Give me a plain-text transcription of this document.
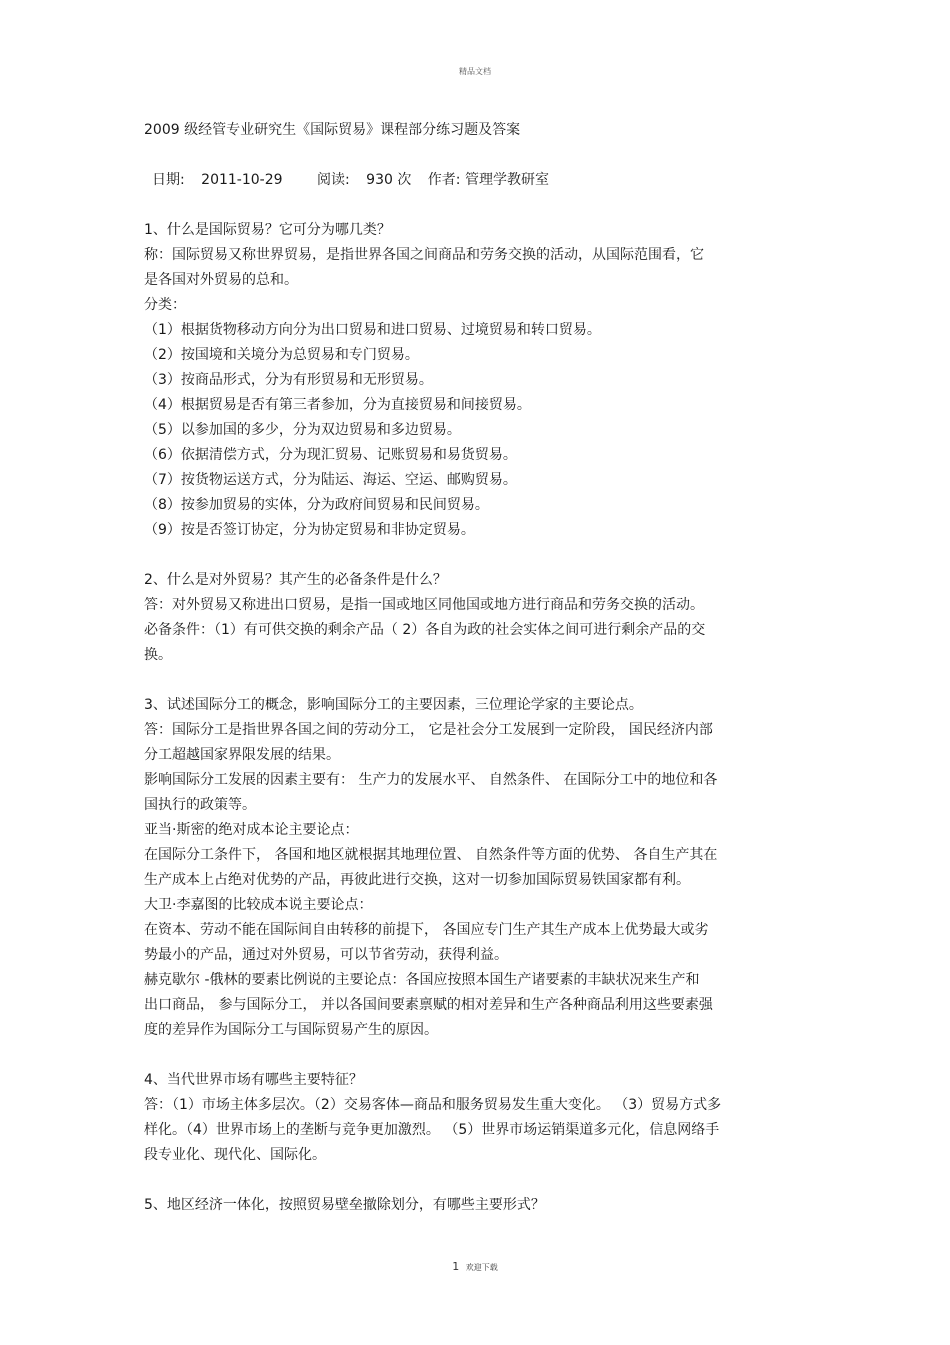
精品文档
2009 级经管专业研究生《国际贸易》课程部分练习题及答案
日期: 2011-10-29 阅读: 930 次 作者: 管理学教研室
1、什么是国际贸易？它可分为哪几类？
称：国际贸易又称世界贸易，是指世界各国之间商品和劳务交换的活动，从国际范围看，它
是各国对外贸易的总和。
分类：
（1）根据货物移动方向分为出口贸易和进口贸易、过境贸易和转口贸易。
（2）按国境和关境分为总贸易和专门贸易。
（3）按商品形式，分为有形贸易和无形贸易。
（4）根据贸易是否有第三者参加，分为直接贸易和间接贸易。
（5）以参加国的多少，分为双边贸易和多边贸易。
（6）依据清偿方式，分为现汇贸易、记账贸易和易货贸易。
（7）按货物运送方式，分为陆运、海运、空运、邮购贸易。
（8）按参加贸易的实体，分为政府间贸易和民间贸易。
（9）按是否签订协定，分为协定贸易和非协定贸易。
2、什么是对外贸易？其产生的必备条件是什么？
答：对外贸易又称进出口贸易，是指一国或地区同他国或地方进行商品和劳务交换的活动。
必备条件：（1）有可供交换的剩余产品（ 2）各自为政的社会实体之间可进行剩余产品的交
换。
3、试述国际分工的概念，影响国际分工的主要因素，三位理论学家的主要论点。
答：国际分工是指世界各国之间的劳动分工， 它是社会分工发展到一定阶段， 国民经济内部
分工超越国家界限发展的结果。
影响国际分工发展的因素主要有： 生产力的发展水平、 自然条件、 在国际分工中的地位和各
国执行的政策等。
亚当·斯密的绝对成本论主要论点：
在国际分工条件下， 各国和地区就根据其地理位置、 自然条件等方面的优势、 各自生产其在
生产成本上占绝对优势的产品，再彼此进行交换，这对一切参加国际贸易铁国家都有利。
大卫·李嘉图的比较成本说主要论点：
在资本、劳动不能在国际间自由转移的前提下， 各国应专门生产其生产成本上优势最大或劣
势最小的产品，通过对外贸易，可以节省劳动，获得利益。
赫克歇尔 -俄林的要素比例说的主要论点：各国应按照本国生产诸要素的丰缺状况来生产和
出口商品， 参与国际分工， 并以各国间要素禀赋的相对差异和生产各种商品利用这些要素强
度的差异作为国际分工与国际贸易产生的原因。
4、当代世界市场有哪些主要特征？
答：（1）市场主体多层次。（2）交易客体—商品和服务贸易发生重大变化。 （3）贸易方式多
样化。（4）世界市场上的垄断与竞争更加激烈。 （5）世界市场运销渠道多元化，信息网络手
段专业化、现代化、国际化。
5、地区经济一体化，按照贸易壁垒撤除划分，有哪些主要形式？
1 欢迎下载
